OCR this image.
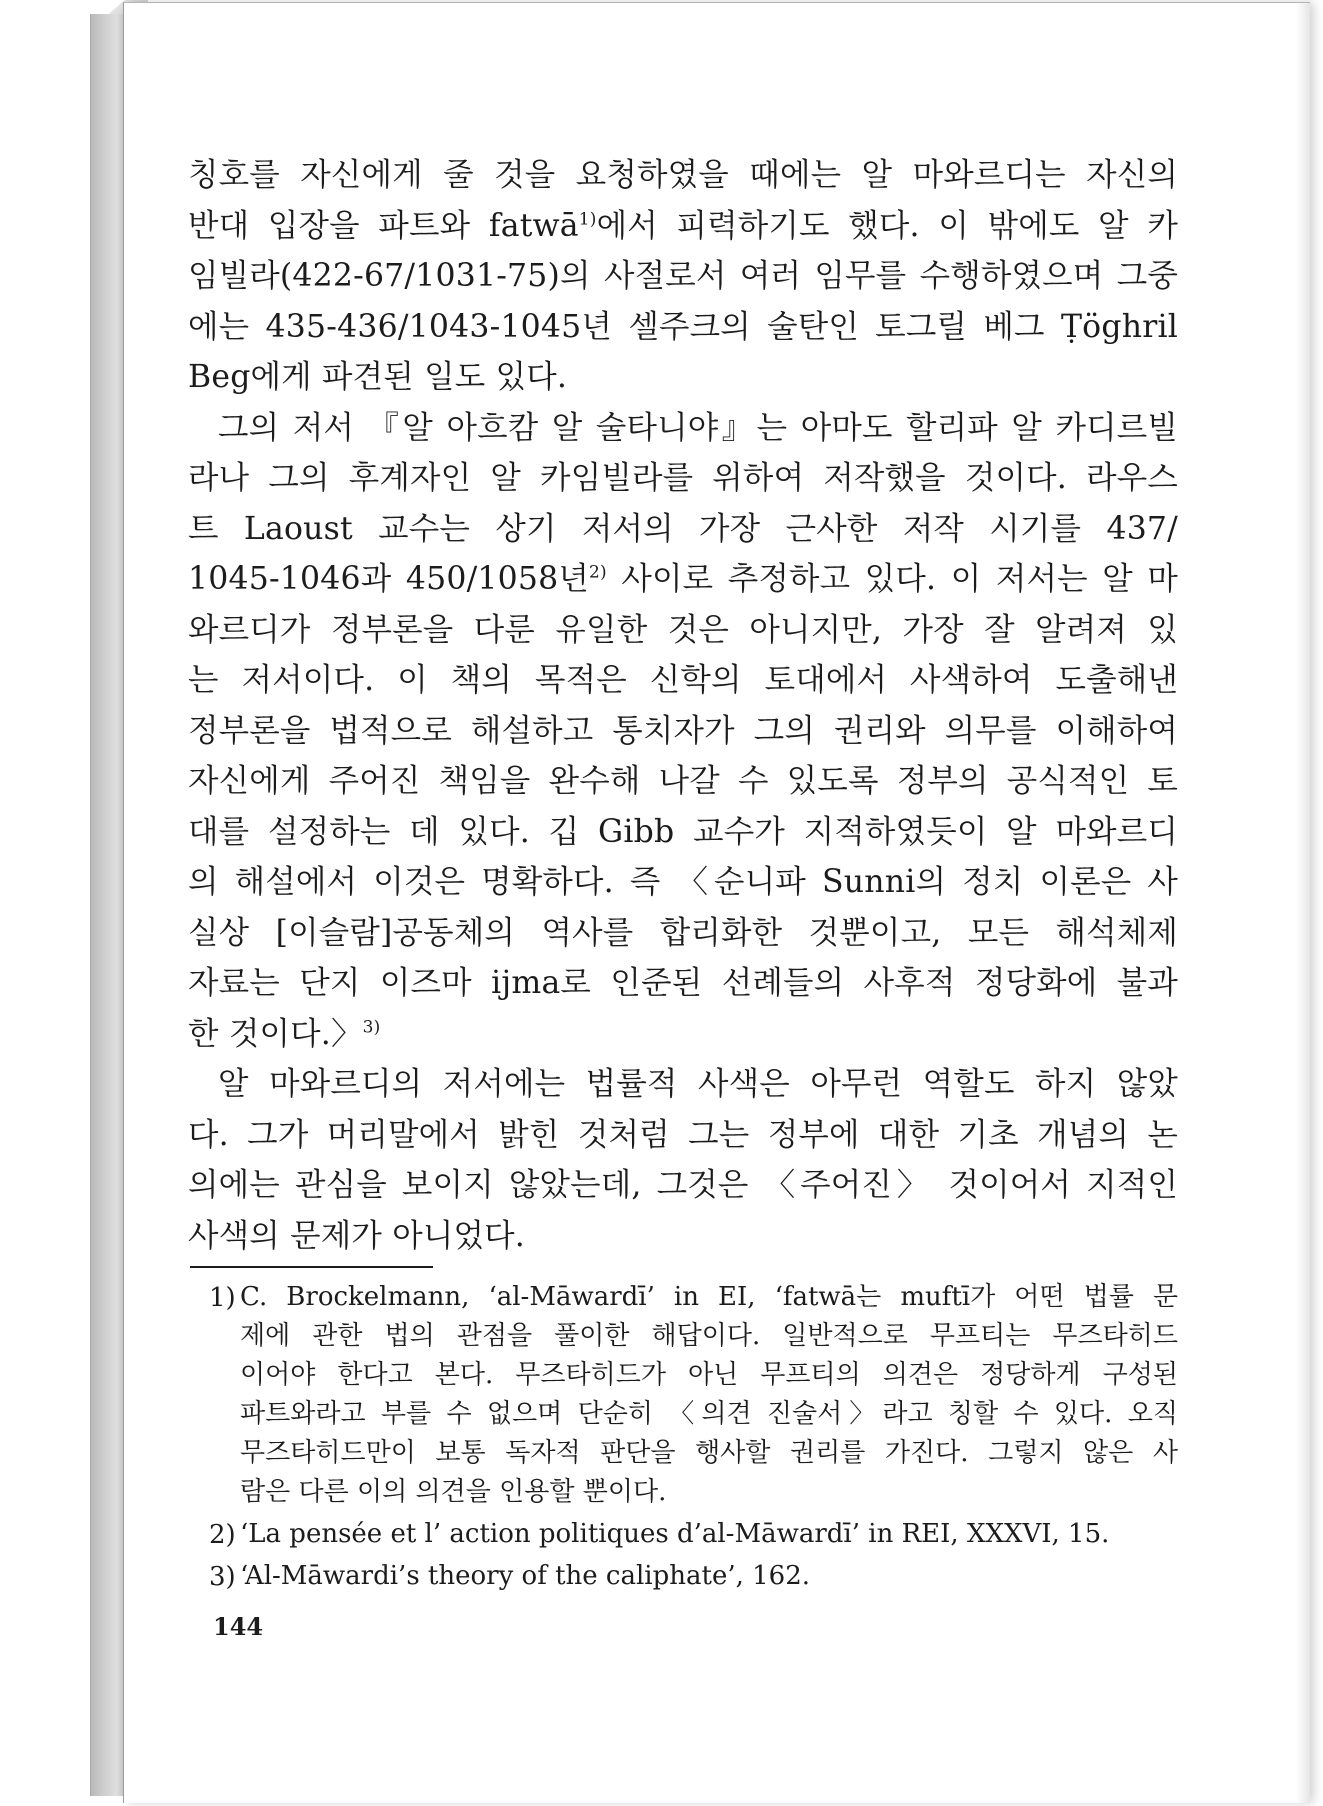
칭호를 자신에게 줄 것을 요청하였을 때에는 알 마와르디는 자신의
반대 입장을 파트와 fatwā$^{1)}$에서 피력하기도 했다. 이 밖에도 알 카
임빌라(422-67/1031-75)의 사절로서 여러 임무를 수행하였으며 그중
에는 435-436/1043-1045년 셀주크의 술탄인 토그릴 베그 Ṭöghril
Beg에게 파견된 일도 있다.
그의 저서 『알 아흐캄 알 술타니야』는 아마도 할리파 알 카디르빌
라나 그의 후계자인 알 카임빌라를 위하여 저작했을 것이다. 라우스
트 Laoust 교수는 상기 저서의 가장 근사한 저작 시기를 437/
1045-1046과 450/1058년$^{2)}$ 사이로 추정하고 있다. 이 저서는 알 마
와르디가 정부론을 다룬 유일한 것은 아니지만, 가장 잘 알려져 있
는 저서이다. 이 책의 목적은 신학의 토대에서 사색하여 도출해낸
정부론을 법적으로 해설하고 통치자가 그의 권리와 의무를 이해하여
자신에게 주어진 책임을 완수해 나갈 수 있도록 정부의 공식적인 토
대를 설정하는 데 있다. 깁 Gibb 교수가 지적하였듯이 알 마와르디
의 해설에서 이것은 명확하다. 즉 〈순니파 Sunni의 정치 이론은 사
실상 [이슬람]공동체의 역사를 합리화한 것뿐이고, 모든 해석체제
자료는 단지 이즈마 ijma로 인준된 선례들의 사후적 정당화에 불과
한 것이다.〉$^{3)}$
알 마와르디의 저서에는 법률적 사색은 아무런 역할도 하지 않았
다. 그가 머리말에서 밝힌 것처럼 그는 정부에 대한 기초 개념의 논
의에는 관심을 보이지 않았는데, 그것은 〈주어진〉 것이어서 지적인
사색의 문제가 아니었다.
1) C. Brockelmann, ‘al-Māwardī’ in EI, ‘fatwā는 muftī가 어떤 법률 문
제에 관한 법의 관점을 풀이한 해답이다. 일반적으로 무프티는 무즈타히드
이어야 한다고 본다. 무즈타히드가 아닌 무프티의 의견은 정당하게 구성된
파트와라고 부를 수 없으며 단순히 〈의견 진술서〉라고 칭할 수 있다. 오직
무즈타히드만이 보통 독자적 판단을 행사할 권리를 가진다. 그렇지 않은 사
람은 다른 이의 의견을 인용할 뿐이다.
2) ‘La pensée et l’ action politiques d’al-Māwardī’ in REI, XXXVI, 15.
3) ‘Al-Māwardi’s theory of the caliphate’, 162.
144
